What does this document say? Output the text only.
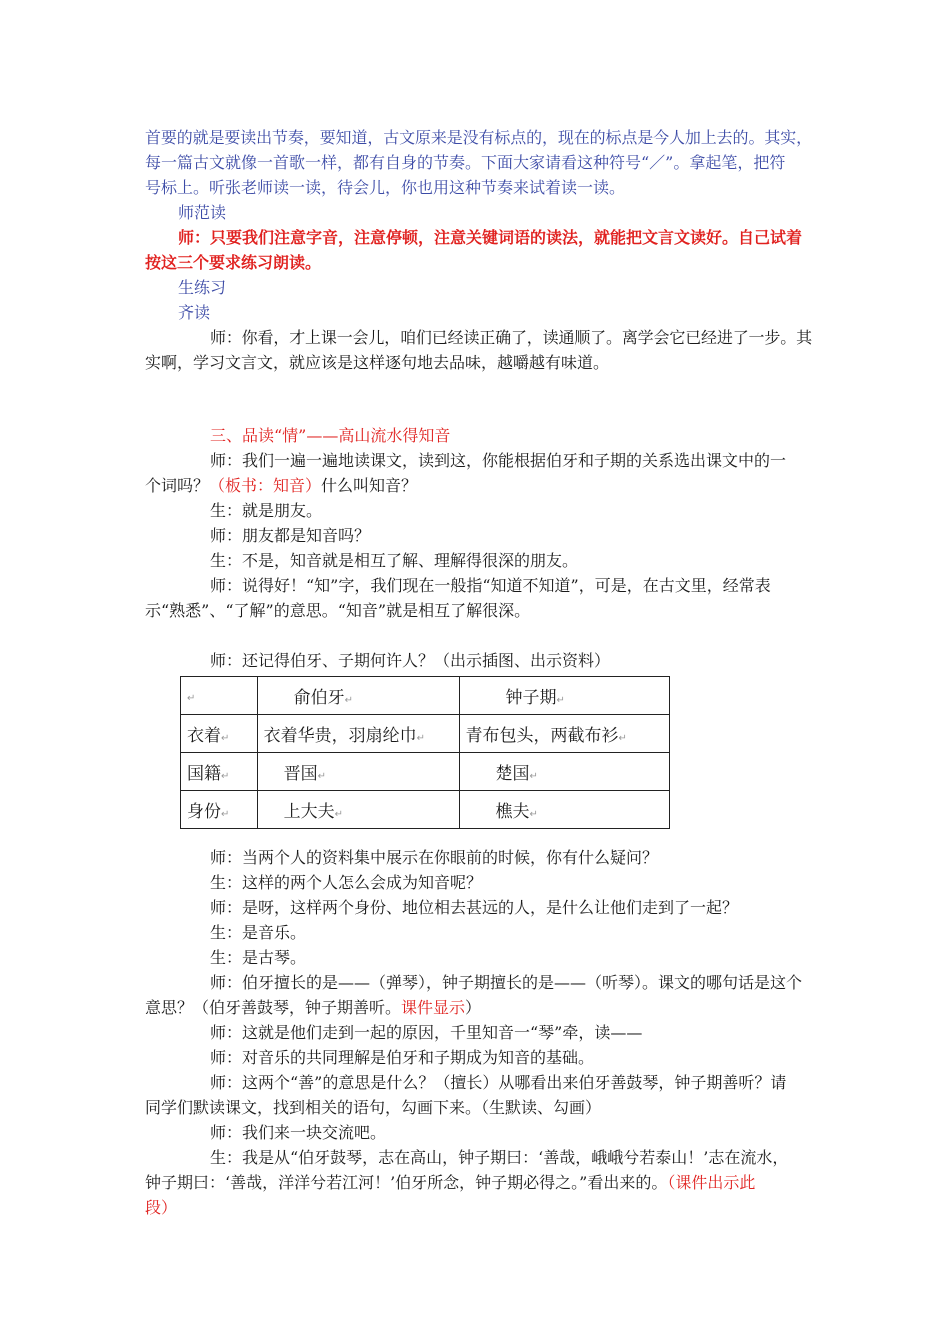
首要的就是要读出节奏，要知道，古文原来是没有标点的，现在的标点是今人加上去的。其实，
每一篇古文就像一首歌一样，都有自身的节奏。下面大家请看这种符号“／”。拿起笔，把符
号标上。听张老师读一读，待会儿，你也用这种节奏来试着读一读。
师范读
师：只要我们注意字音，注意停顿，注意关键词语的读法，就能把文言文读好。自己试着
按这三个要求练习朗读。
生练习
齐读
师：你看，才上课一会儿，咱们已经读正确了，读通顺了。离学会它已经进了一步。其
实啊，学习文言文，就应该是这样逐句地去品味，越嚼越有味道。
三、品读“情”——高山流水得知音
师：我们一遍一遍地读课文，读到这，你能根据伯牙和子期的关系选出课文中的一
个词吗？（板书：知音）什么叫知音？
生：就是朋友。
师：朋友都是知音吗？
生：不是，知音就是相互了解、理解得很深的朋友。
师：说得好！“知”字，我们现在一般指“知道不知道”，可是，在古文里，经常表
示“熟悉”、“了解”的意思。“知音”就是相互了解很深。
师：还记得伯牙、子期何许人？（出示插图、出示资料）
↵	俞伯牙↵	钟子期↵
衣着↵	衣着华贵，羽扇纶巾↵	青布包头，两截布衫↵
国籍↵	晋国↵	楚国↵
身份↵	上大夫↵	樵夫↵
师：当两个人的资料集中展示在你眼前的时候，你有什么疑问？
生：这样的两个人怎么会成为知音呢？
师：是呀，这样两个身份、地位相去甚远的人，是什么让他们走到了一起？
生：是音乐。
生：是古琴。
师：伯牙擅长的是——（弹琴），钟子期擅长的是——（听琴）。课文的哪句话是这个
意思？（伯牙善鼓琴，钟子期善听。课件显示）
师：这就是他们走到一起的原因，千里知音一“琴”牵，读——
师：对音乐的共同理解是伯牙和子期成为知音的基础。
师：这两个“善”的意思是什么？（擅长）从哪看出来伯牙善鼓琴，钟子期善听？请
同学们默读课文，找到相关的语句，勾画下来。（生默读、勾画）
师：我们来一块交流吧。
生：我是从“伯牙鼓琴，志在高山，钟子期曰：‘善哉，峨峨兮若泰山！’志在流水，
钟子期曰：‘善哉，洋洋兮若江河！’伯牙所念，钟子期必得之。”看出来的。（课件出示此
段）
